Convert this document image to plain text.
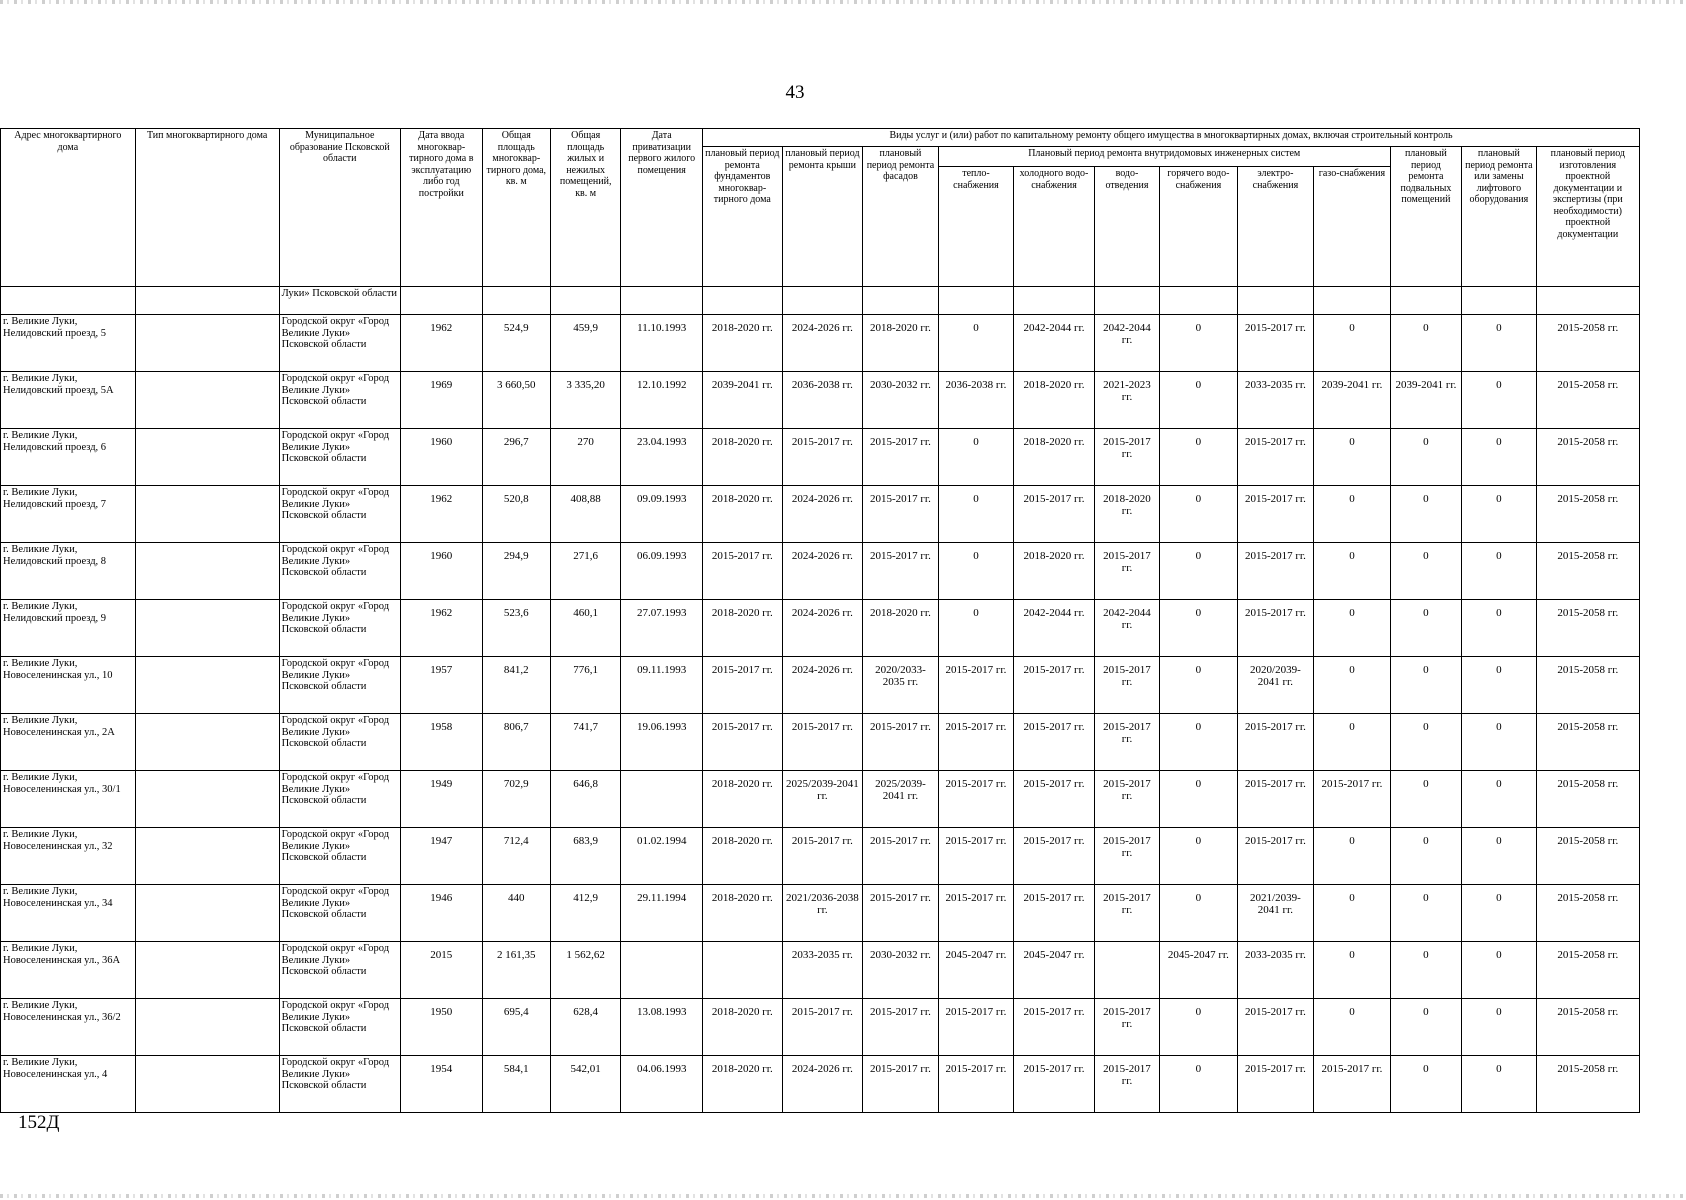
43
Адрес многоквартирного дома	Тип многоквартирного дома	Муниципальное образование Псковской области	Дата ввода многоквар-тирного дома в эксплуатацию либо год постройки	Общая площадь многоквар-тирного дома, кв. м	Общая площадь жилых и нежилых помещений, кв. м	Дата приватизации первого жилого помещения	Виды услуг и (или) работ по капитальному ремонту общего имущества в многоквартирных домах, включая строительный контроль											
							плановый период ремонта фундаментов многоквар-тирного дома	плановый период ремонта крыши	плановый период ремонта фасадов	Плановый период ремонта внутридомовых инженерных систем						плановый период ремонта подвальных помещений	плановый период ремонта или замены лифтового оборудования	плановый период изготовления проектной документации и экспертизы (при необходимости) проектной документации
										тепло-снабжения	холодного водо-снабжения	водо-отведения	горячего водо-снабжения	электро-снабжения	газо-снабжения			
		Луки» Псковской области																
г. Великие Луки, Нелидовский проезд, 5		Городской округ «Город Великие Луки» Псковской области	1962	524,9	459,9	11.10.1993	2018-2020 гг.	2024-2026 гг.	2018-2020 гг.	0	2042-2044 гг.	2042-2044 гг.	0	2015-2017 гг.	0	0	0	2015-2058 гг.
г. Великие Луки, Нелидовский проезд, 5А		Городской округ «Город Великие Луки» Псковской области	1969	3 660,50	3 335,20	12.10.1992	2039-2041 гг.	2036-2038 гг.	2030-2032 гг.	2036-2038 гг.	2018-2020 гг.	2021-2023 гг.	0	2033-2035 гг.	2039-2041 гг.	2039-2041 гг.	0	2015-2058 гг.
г. Великие Луки, Нелидовский проезд, 6		Городской округ «Город Великие Луки» Псковской области	1960	296,7	270	23.04.1993	2018-2020 гг.	2015-2017 гг.	2015-2017 гг.	0	2018-2020 гг.	2015-2017 гг.	0	2015-2017 гг.	0	0	0	2015-2058 гг.
г. Великие Луки, Нелидовский проезд, 7		Городской округ «Город Великие Луки» Псковской области	1962	520,8	408,88	09.09.1993	2018-2020 гг.	2024-2026 гг.	2015-2017 гг.	0	2015-2017 гг.	2018-2020 гг.	0	2015-2017 гг.	0	0	0	2015-2058 гг.
г. Великие Луки, Нелидовский проезд, 8		Городской округ «Город Великие Луки» Псковской области	1960	294,9	271,6	06.09.1993	2015-2017 гг.	2024-2026 гг.	2015-2017 гг.	0	2018-2020 гг.	2015-2017 гг.	0	2015-2017 гг.	0	0	0	2015-2058 гг.
г. Великие Луки, Нелидовский проезд, 9		Городской округ «Город Великие Луки» Псковской области	1962	523,6	460,1	27.07.1993	2018-2020 гг.	2024-2026 гг.	2018-2020 гг.	0	2042-2044 гг.	2042-2044 гг.	0	2015-2017 гг.	0	0	0	2015-2058 гг.
г. Великие Луки, Новоселенинская ул., 10		Городской округ «Город Великие Луки» Псковской области	1957	841,2	776,1	09.11.1993	2015-2017 гг.	2024-2026 гг.	2020/2033-2035 гг.	2015-2017 гг.	2015-2017 гг.	2015-2017 гг.	0	2020/2039-2041 гг.	0	0	0	2015-2058 гг.
г. Великие Луки, Новоселенинская ул., 2А		Городской округ «Город Великие Луки» Псковской области	1958	806,7	741,7	19.06.1993	2015-2017 гг.	2015-2017 гг.	2015-2017 гг.	2015-2017 гг.	2015-2017 гг.	2015-2017 гг.	0	2015-2017 гг.	0	0	0	2015-2058 гг.
г. Великие Луки, Новоселенинская ул., 30/1		Городской округ «Город Великие Луки» Псковской области	1949	702,9	646,8		2018-2020 гг.	2025/2039-2041 гг.	2025/2039-2041 гг.	2015-2017 гг.	2015-2017 гг.	2015-2017 гг.	0	2015-2017 гг.	2015-2017 гг.	0	0	2015-2058 гг.
г. Великие Луки, Новоселенинская ул., 32		Городской округ «Город Великие Луки» Псковской области	1947	712,4	683,9	01.02.1994	2018-2020 гг.	2015-2017 гг.	2015-2017 гг.	2015-2017 гг.	2015-2017 гг.	2015-2017 гг.	0	2015-2017 гг.	0	0	0	2015-2058 гг.
г. Великие Луки, Новоселенинская ул., 34		Городской округ «Город Великие Луки» Псковской области	1946	440	412,9	29.11.1994	2018-2020 гг.	2021/2036-2038 гг.	2015-2017 гг.	2015-2017 гг.	2015-2017 гг.	2015-2017 гг.	0	2021/2039-2041 гг.	0	0	0	2015-2058 гг.
г. Великие Луки, Новоселенинская ул., 36А		Городской округ «Город Великие Луки» Псковской области	2015	2 161,35	1 562,62			2033-2035 гг.	2030-2032 гг.	2045-2047 гг.	2045-2047 гг.		2045-2047 гг.	2033-2035 гг.	0	0	0	2015-2058 гг.
г. Великие Луки, Новоселенинская ул., 36/2		Городской округ «Город Великие Луки» Псковской области	1950	695,4	628,4	13.08.1993	2018-2020 гг.	2015-2017 гг.	2015-2017 гг.	2015-2017 гг.	2015-2017 гг.	2015-2017 гг.	0	2015-2017 гг.	0	0	0	2015-2058 гг.
г. Великие Луки, Новоселенинская ул., 4		Городской округ «Город Великие Луки» Псковской области	1954	584,1	542,01	04.06.1993	2018-2020 гг.	2024-2026 гг.	2015-2017 гг.	2015-2017 гг.	2015-2017 гг.	2015-2017 гг.	0	2015-2017 гг.	2015-2017 гг.	0	0	2015-2058 гг.
152Д
